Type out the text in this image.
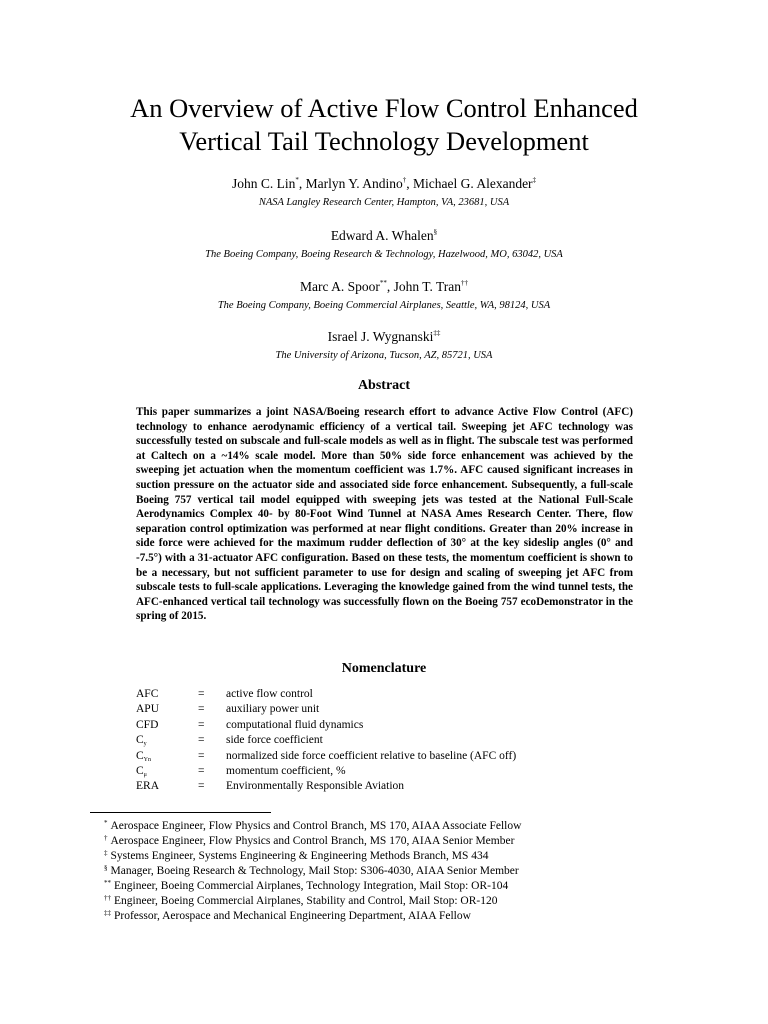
An Overview of Active Flow Control Enhanced
Vertical Tail Technology Development
John C. Lin*, Marlyn Y. Andino†, Michael G. Alexander‡
NASA Langley Research Center, Hampton, VA, 23681, USA
Edward A. Whalen§
The Boeing Company, Boeing Research & Technology, Hazelwood, MO, 63042, USA
Marc A. Spoor**, John T. Tran††
The Boeing Company, Boeing Commercial Airplanes, Seattle, WA, 98124, USA
Israel J. Wygnanski‡‡
The University of Arizona, Tucson, AZ, 85721, USA
Abstract

This paper summarizes a joint NASA/Boeing research effort to advance Active Flow Control (AFC) technology to enhance aerodynamic efficiency of a vertical tail. Sweeping jet AFC technology was successfully tested on subscale and full-scale models as well as in flight. The subscale test was performed at Caltech on a ~14% scale model. More than 50% side force enhancement was achieved by the sweeping jet actuation when the momentum coefficient was 1.7%. AFC caused significant increases in suction pressure on the actuator side and associated side force enhancement. Subsequently, a full-scale Boeing 757 vertical tail model equipped with sweeping jets was tested at the National Full-Scale Aerodynamics Complex 40- by 80-Foot Wind Tunnel at NASA Ames Research Center. There, flow separation control optimization was performed at near flight conditions. Greater than 20% increase in side force were achieved for the maximum rudder deflection of 30° at the key sideslip angles (0° and -7.5°) with a 31-actuator AFC configuration. Based on these tests, the momentum coefficient is shown to be a necessary, but not sufficient parameter to use for design and scaling of sweeping jet AFC from subscale tests to full-scale applications. Leveraging the knowledge gained from the wind tunnel tests, the AFC-enhanced vertical tail technology was successfully flown on the Boeing 757 ecoDemonstrator in the spring of 2015.

Nomenclature
AFC	=	active flow control
APU	=	auxiliary power unit
CFD	=	computational fluid dynamics
$C_y$	=	side force coefficient
$C_{Yn}$	=	normalized side force coefficient relative to baseline (AFC off)
$C_\mu$	=	momentum coefficient, %
ERA	=	Environmentally Responsible Aviation
* Aerospace Engineer, Flow Physics and Control Branch, MS 170, AIAA Associate Fellow
† Aerospace Engineer, Flow Physics and Control Branch, MS 170, AIAA Senior Member
‡ Systems Engineer, Systems Engineering & Engineering Methods Branch, MS 434
§ Manager, Boeing Research & Technology, Mail Stop: S306-4030, AIAA Senior Member
** Engineer, Boeing Commercial Airplanes, Technology Integration, Mail Stop: OR-104
†† Engineer, Boeing Commercial Airplanes, Stability and Control, Mail Stop: OR-120
‡‡ Professor, Aerospace and Mechanical Engineering Department, AIAA Fellow
